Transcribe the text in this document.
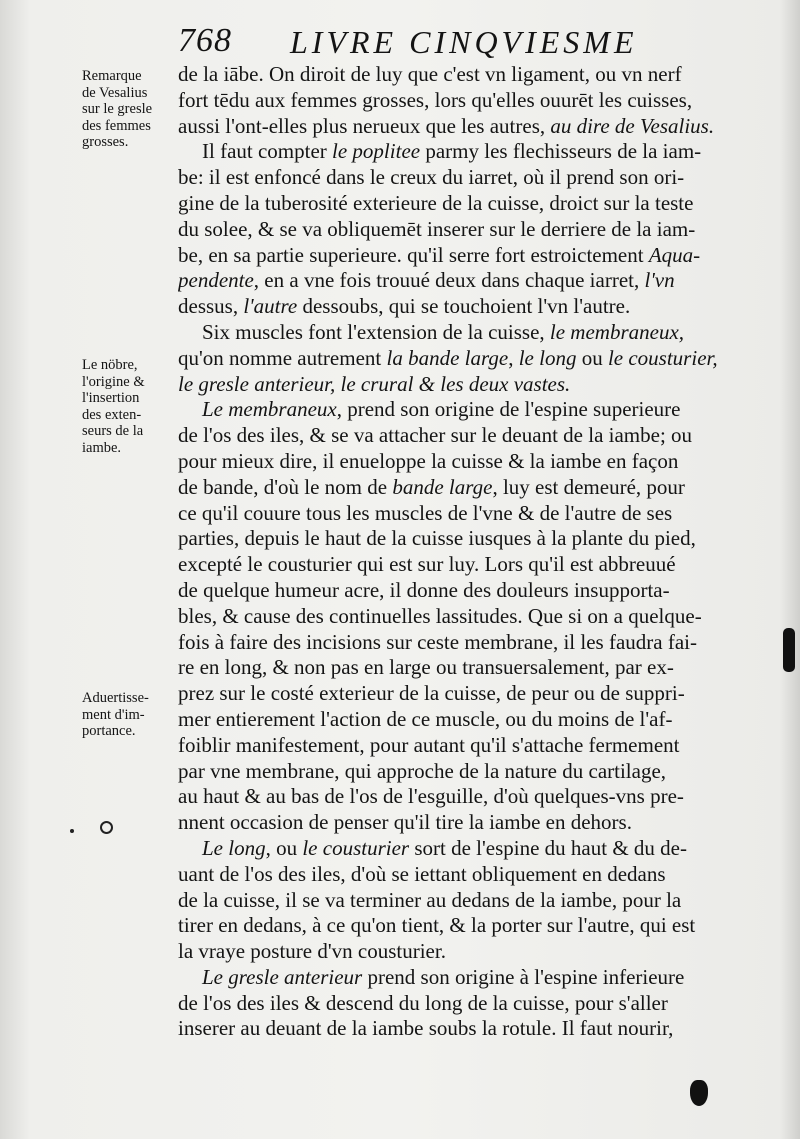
768 LIVRE CINQVIESME
Remarque
de Vesalius
sur le gresle
des femmes
grosses.
Le nöbre,
l'origine &
l'insertion
des exten-
seurs de la
iambe.
Aduertisse-
ment d'im-
portance.
de la iābe. On diroit de luy que c'est vn ligament, ou vn nerf
fort tēdu aux femmes grosses, lors qu'elles ouurēt les cuisses,
aussi l'ont-elles plus nerueux que les autres, au dire de Vesalius.
Il faut compter le poplitee parmy les flechisseurs de la iam-
be: il est enfoncé dans le creux du iarret, où il prend son ori-
gine de la tuberosité exterieure de la cuisse, droict sur la teste
du solee, & se va obliquemēt inserer sur le derriere de la iam-
be, en sa partie superieure. qu'il serre fort estroictement Aqua-
pendente, en a vne fois trouué deux dans chaque iarret, l'vn
dessus, l'autre dessoubs, qui se touchoient l'vn l'autre.
Six muscles font l'extension de la cuisse, le membraneux,
qu'on nomme autrement la bande large, le long ou le cousturier,
le gresle anterieur, le crural & les deux vastes.
Le membraneux, prend son origine de l'espine superieure
de l'os des iles, & se va attacher sur le deuant de la iambe; ou
pour mieux dire, il enueloppe la cuisse & la iambe en façon
de bande, d'où le nom de bande large, luy est demeuré, pour
ce qu'il couure tous les muscles de l'vne & de l'autre de ses
parties, depuis le haut de la cuisse iusques à la plante du pied,
excepté le cousturier qui est sur luy. Lors qu'il est abbreuué
de quelque humeur acre, il donne des douleurs insupporta-
bles, & cause des continuelles lassitudes. Que si on a quelque-
fois à faire des incisions sur ceste membrane, il les faudra fai-
re en long, & non pas en large ou transuersalement, par ex-
prez sur le costé exterieur de la cuisse, de peur ou de suppri-
mer entierement l'action de ce muscle, ou du moins de l'af-
foiblir manifestement, pour autant qu'il s'attache fermement
par vne membrane, qui approche de la nature du cartilage,
au haut & au bas de l'os de l'esguille, d'où quelques-vns pre-
nnent occasion de penser qu'il tire la iambe en dehors.
Le long, ou le cousturier sort de l'espine du haut & du de-
uant de l'os des iles, d'où se iettant obliquement en dedans
de la cuisse, il se va terminer au dedans de la iambe, pour la
tirer en dedans, à ce qu'on tient, & la porter sur l'autre, qui est
la vraye posture d'vn cousturier.
Le gresle anterieur prend son origine à l'espine inferieure
de l'os des iles & descend du long de la cuisse, pour s'aller
inserer au deuant de la iambe soubs la rotule. Il faut nourir,
